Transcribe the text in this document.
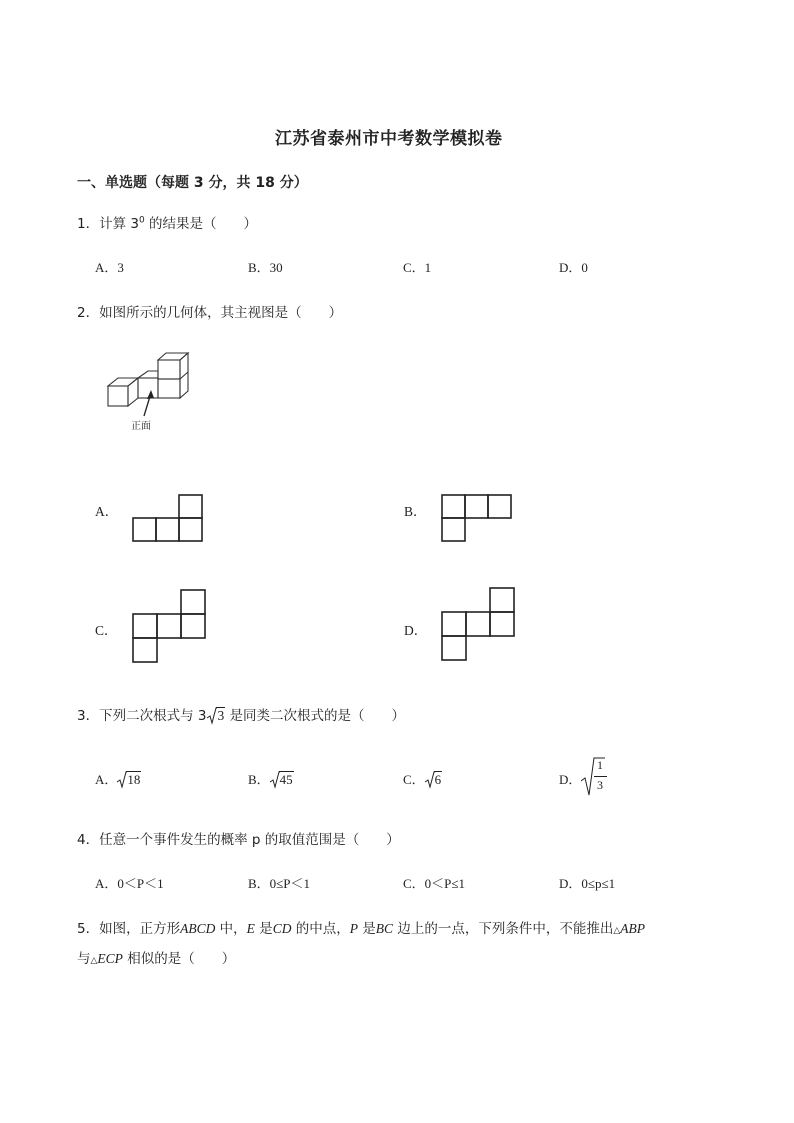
江苏省泰州市中考数学模拟卷
一、单选题（每题 3 分，共 18 分）
1．计算 $3^0$ 的结果是（　　）
A．3	B．30	C．1	D．0
2．如图所示的几何体，其主视图是（　　）
正面
A．	B．
C．	D．
3．下列二次根式与 3 3 是同类二次根式的是（　　）
A． 18	B． 45	C． 6	D．
1
3
4．任意一个事件发生的概率 p 的取值范围是（　　）
A．0＜P＜1	B．0≤P＜1	C．0＜P≤1	D．0≤p≤1
5．如图，正方形ABCD 中，E 是CD 的中点，P 是BC 边上的一点，下列条件中，不能推出△ABP
与△ECP 相似的是（　　）
